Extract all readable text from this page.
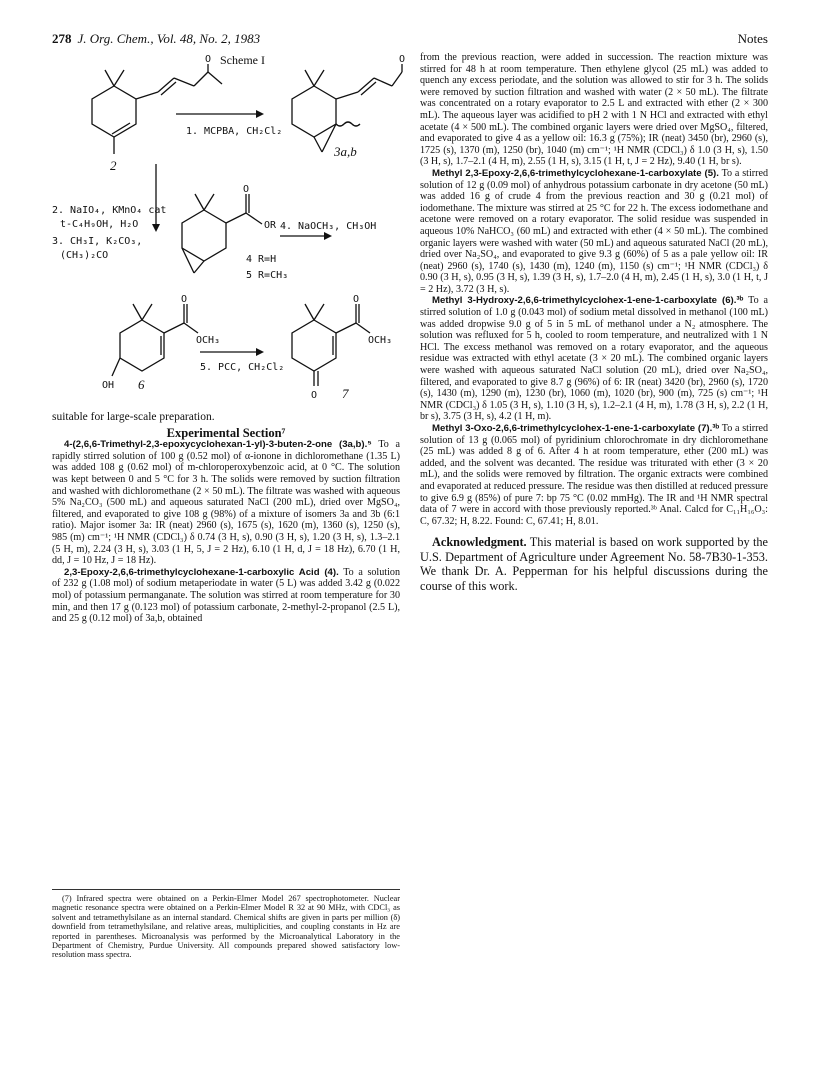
278 J. Org. Chem., Vol. 48, No. 2, 1983	Notes
Scheme I
O	O
O
O	O
O
OR
OCH₃	OCH₃
OH
1. MCPBA, CH₂Cl₂
2. NaIO₄, KMnO₄ cat
t-C₄H₉OH, H₂O
3. CH₃I, K₂CO₃,
(CH₃)₂CO
4. NaOCH₃, CH₃OH
5. PCC, CH₂Cl₂
2
3a,b
4 R=H
5 R=CH₃
6
7

suitable for large-scale preparation.

Experimental Section⁷

4-(2,6,6-Trimethyl-2,3-epoxycyclohexan-1-yl)-3-buten-2-one (3a,b).⁵ To a rapidly stirred solution of 100 g (0.52 mol) of α-ionone in dichloromethane (1.35 L) was added 108 g (0.62 mol) of m-chloroperoxybenzoic acid, at 0 °C. The solution was kept between 0 and 5 °C for 3 h. The solids were removed by suction filtration and washed with dichloromethane (2 × 50 mL). The filtrate was washed with aqueous 5% Na₂CO₃ (500 mL) and aqueous saturated NaCl (200 mL), dried over MgSO₄, filtered, and evaporated to give 108 g (98%) of a mixture of isomers 3a and 3b (6:1 ratio). Major isomer 3a: IR (neat) 2960 (s), 1675 (s), 1620 (m), 1360 (s), 1250 (s), 985 (m) cm⁻¹; ¹H NMR (CDCl₃) δ 0.74 (3 H, s), 0.90 (3 H, s), 1.20 (3 H, s), 1.3–2.1 (5 H, m), 2.24 (3 H, s), 3.03 (1 H, 5, J = 2 Hz), 6.10 (1 H, d, J = 18 Hz), 6.70 (1 H, dd, J = 10 Hz, J = 18 Hz).

2,3-Epoxy-2,6,6-trimethylcyclohexane-1-carboxylic Acid (4). To a solution of 232 g (1.08 mol) of sodium metaperiodate in water (5 L) was added 3.42 g (0.022 mol) of potassium permanganate. The solution was stirred at room temperature for 30 min, and then 17 g (0.123 mol) of potassium carbonate, 2-methyl-2-propanol (2.5 L), and 25 g (0.12 mol) of 3a,b, obtained

(7) Infrared spectra were obtained on a Perkin-Elmer Model 267 spectrophotometer. Nuclear magnetic resonance spectra were obtained on a Perkin-Elmer Model R 32 at 90 MHz, with CDCl₃ as solvent and tetramethylsilane as an internal standard. Chemical shifts are given in parts per million (δ) downfield from tetramethylsilane, and relative areas, multiplicities, and coupling constants in Hz are reported in parentheses. Microanalysis was performed by the Microanalytical Laboratory in the Department of Chemistry, Purdue University. All compounds prepared showed satisfactory low-resolution mass spectra.

from the previous reaction, were added in succession. The reaction mixture was stirred for 48 h at room temperature. Then ethylene glycol (25 mL) was added to quench any excess periodate, and the solution was allowed to stir for 3 h. The solids were removed by suction filtration and washed with water (2 × 50 mL). The filtrate was concentrated on a rotary evaporator to 2.5 L and extracted with ether (2 × 300 mL). The aqueous layer was acidified to pH 2 with 1 N HCl and extracted with ethyl acetate (4 × 500 mL). The combined organic layers were dried over MgSO₄, filtered, and evaporated to give 4 as a yellow oil: 16.3 g (75%); IR (neat) 3450 (br), 2960 (s), 1725 (s), 1370 (m), 1250 (br), 1040 (m) cm⁻¹; ¹H NMR (CDCl₃) δ 1.0 (3 H, s), 1.50 (3 H, s), 1.7–2.1 (4 H, m), 2.55 (1 H, s), 3.15 (1 H, t, J = 2 Hz), 9.40 (1 H, br s).

Methyl 2,3-Epoxy-2,6,6-trimethylcyclohexane-1-carboxylate (5). To a stirred solution of 12 g (0.09 mol) of anhydrous potassium carbonate in dry acetone (50 mL) was added 16 g of crude 4 from the previous reaction and 30 g (0.21 mol) of iodomethane. The mixture was stirred at 25 °C for 22 h. The excess iodomethane and acetone were removed on a rotary evaporator. The solid residue was suspended in aqueous 10% NaHCO₃ (60 mL) and extracted with ether (4 × 50 mL). The combined organic layers were washed with water (50 mL) and aqueous saturated NaCl (20 mL), dried over Na₂SO₄, and evaporated to give 9.3 g (60%) of 5 as a pale yellow oil: IR (neat) 2960 (s), 1740 (s), 1430 (m), 1240 (m), 1150 (s) cm⁻¹; ¹H NMR (CDCl₃) δ 0.90 (3 H, s), 0.95 (3 H, s), 1.39 (3 H, s), 1.7–2.0 (4 H, m), 2.45 (1 H, s), 3.0 (1 H, t, J = 2 Hz), 3.72 (3 H, s).

Methyl 3-Hydroxy-2,6,6-trimethylcyclohex-1-ene-1-carboxylate (6).³ᵇ To a stirred solution of 1.0 g (0.043 mol) of sodium metal dissolved in methanol (100 mL) was added dropwise 9.0 g of 5 in 5 mL of methanol under a N₂ atmosphere. The solution was refluxed for 5 h, cooled to room temperature, and neutralized with 1 N HCl. The excess methanol was removed on a rotary evaporator, and the aqueous residue was extracted with ethyl acetate (3 × 20 mL). The combined organic layers were washed with aqueous saturated NaCl solution (20 mL), dried over Na₂SO₄, filtered, and evaporated to give 8.7 g (96%) of 6: IR (neat) 3420 (br), 2960 (s), 1720 (s), 1430 (m), 1290 (m), 1230 (br), 1060 (m), 1020 (br), 900 (m), 725 (s) cm⁻¹; ¹H NMR (CDCl₃) δ 1.05 (3 H, s), 1.10 (3 H, s), 1.2–2.1 (4 H, m), 1.78 (3 H, s), 2.2 (1 H, br s), 3.75 (3 H, s), 4.2 (1 H, m).

Methyl 3-Oxo-2,6,6-trimethylcyclohex-1-ene-1-carboxylate (7).³ᵇ To a stirred solution of 13 g (0.065 mol) of pyridinium chlorochromate in dry dichloromethane (25 mL) was added 8 g of 6. After 4 h at room temperature, ether (200 mL) was added, and the solvent was decanted. The residue was triturated with ether (3 × 20 mL), and the solids were removed by filtration. The organic extracts were combined and evaporated at reduced pressure. The residue was then distilled at reduced pressure to give 6.9 g (85%) of pure 7: bp 75 °C (0.02 mmHg). The IR and ¹H NMR spectral data of 7 were in accord with those previously reported.³ᵇ Anal. Calcd for C₁₁H₁₆O₃: C, 67.32; H, 8.22. Found: C, 67.41; H, 8.01.

Acknowledgment. This material is based on work supported by the U.S. Department of Agriculture under Agreement No. 58-7B30-1-353. We thank Dr. A. Pepperman for his helpful discussions during the course of this work.
